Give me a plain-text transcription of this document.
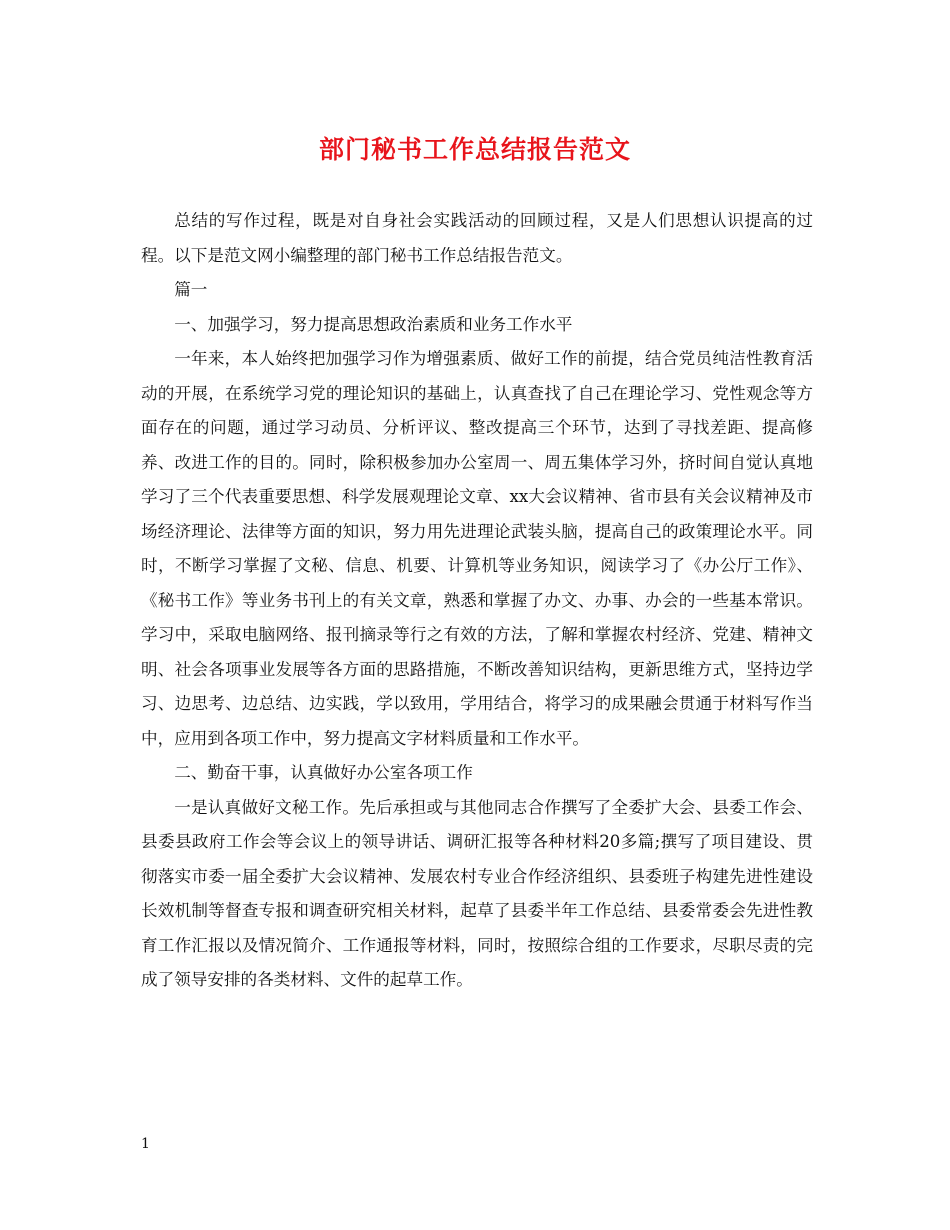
部门秘书工作总结报告范文

总结的写作过程，既是对自身社会实践活动的回顾过程，又是人们思想认识提高的过程。以下是范文网小编整理的部门秘书工作总结报告范文。

篇一

一、加强学习，努力提高思想政治素质和业务工作水平

一年来，本人始终把加强学习作为增强素质、做好工作的前提，结合党员纯洁性教育活动的开展，在系统学习党的理论知识的基础上，认真查找了自己在理论学习、党性观念等方面存在的问题，通过学习动员、分析评议、整改提高三个环节，达到了寻找差距、提高修养、改进工作的目的。同时，除积极参加办公室周一、周五集体学习外，挤时间自觉认真地学习了三个代表重要思想、科学发展观理论文章、xx大会议精神、省市县有关会议精神及市场经济理论、法律等方面的知识，努力用先进理论武装头脑，提高自己的政策理论水平。同时，不断学习掌握了文秘、信息、机要、计算机等业务知识，阅读学习了《办公厅工作》、《秘书工作》等业务书刊上的有关文章，熟悉和掌握了办文、办事、办会的一些基本常识。学习中，采取电脑网络、报刊摘录等行之有效的方法，了解和掌握农村经济、党建、精神文明、社会各项事业发展等各方面的思路措施，不断改善知识结构，更新思维方式，坚持边学习、边思考、边总结、边实践，学以致用，学用结合，将学习的成果融会贯通于材料写作当中，应用到各项工作中，努力提高文字材料质量和工作水平。

二、勤奋干事，认真做好办公室各项工作

一是认真做好文秘工作。先后承担或与其他同志合作撰写了全委扩大会、县委工作会、县委县政府工作会等会议上的领导讲话、调研汇报等各种材料20多篇;撰写了项目建设、贯彻落实市委一届全委扩大会议精神、发展农村专业合作经济组织、县委班子构建先进性建设长效机制等督查专报和调查研究相关材料，起草了县委半年工作总结、县委常委会先进性教育工作汇报以及情况简介、工作通报等材料，同时，按照综合组的工作要求，尽职尽责的完成了领导安排的各类材料、文件的起草工作。

1
